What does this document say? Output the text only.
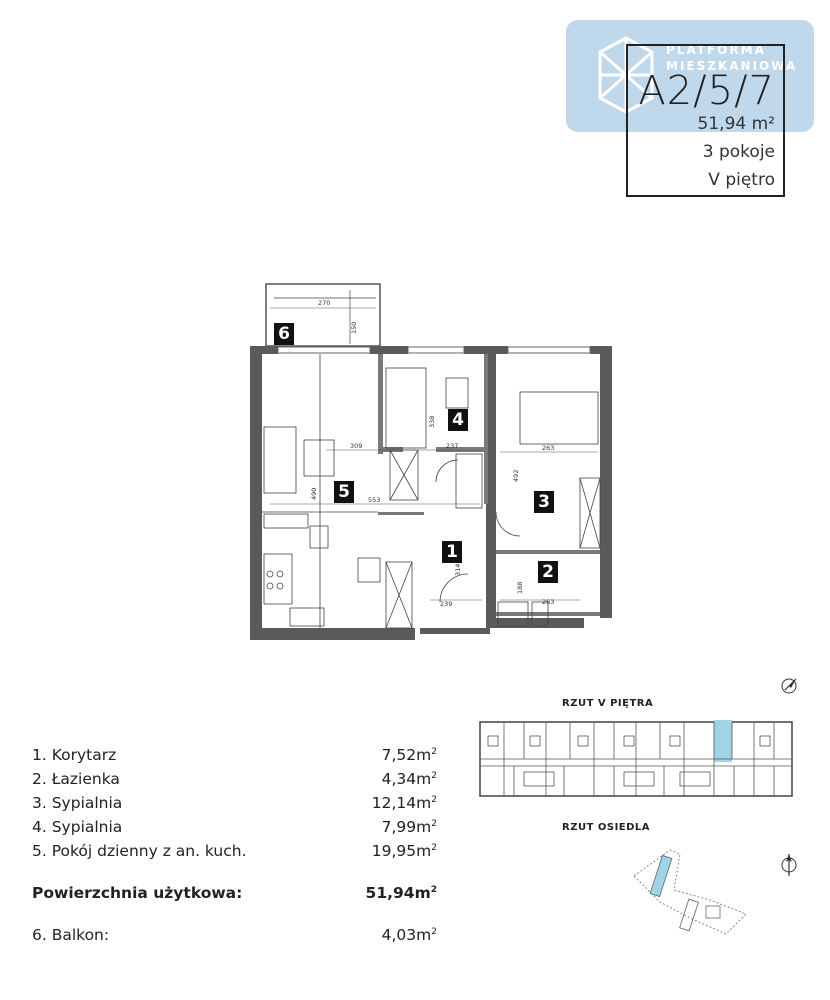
PLATFORMA
MIESZKANIOWA
A2/5/7
51,94 m²
3 pokoje
V piętro
270
150
309	237	263
553
338
490
492
314
239
188
263
1
2
3
4
5
6
RZUT V PIĘTRA
RZUT OSIEDLA
1. Korytarz	$7,52m^2$
2. Łazienka	$4,34m^2$
3. Sypialnia	$12,14m^2$
4. Sypialnia	$7,99m^2$
5. Pokój dzienny z an. kuch.	$19,95m^2$
Powierzchnia użytkowa:	$51,94m^2$
6. Balkon:	$4,03m^2$
